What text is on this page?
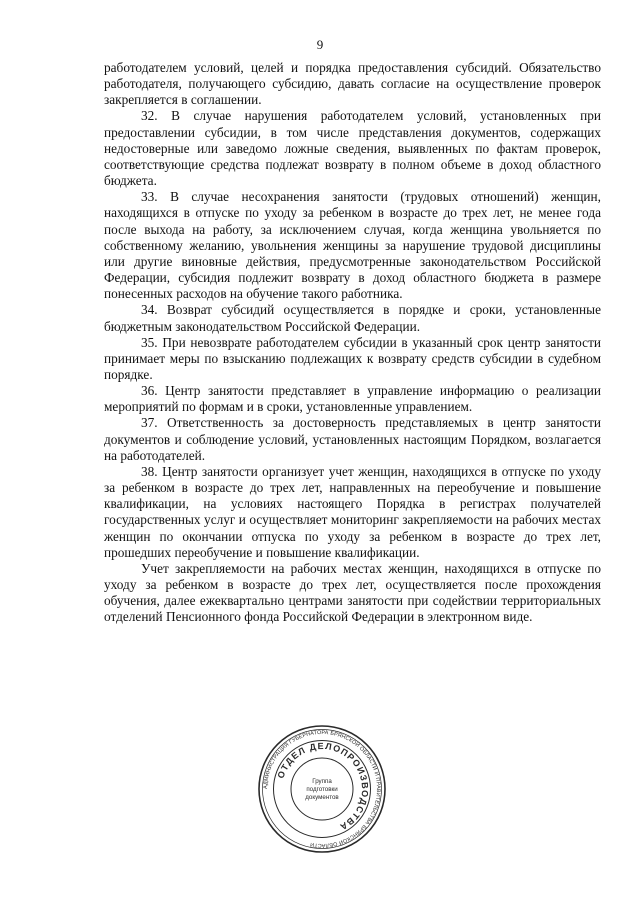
9

работодателем условий, целей и порядка предоставления субсидий. Обязательство работодателя, получающего субсидию, давать согласие на осуществление проверок закрепляется в соглашении.

32. В случае нарушения работодателем условий, установленных при предоставлении субсидии, в том числе представления документов, содержащих недостоверные или заведомо ложные сведения, выявленных по фактам проверок, соответствующие средства подлежат возврату в полном объеме в доход областного бюджета.

33. В случае несохранения занятости (трудовых отношений) женщин, находящихся в отпуске по уходу за ребенком в возрасте до трех лет, не менее года после выхода на работу, за исключением случая, когда женщина увольняется по собственному желанию, увольнения женщины за нарушение трудовой дисциплины или другие виновные действия, предусмотренные законодательством Российской Федерации, субсидия подлежит возврату в доход областного бюджета в размере понесенных расходов на обучение такого работника.

34. Возврат субсидий осуществляется в порядке и сроки, установленные бюджетным законодательством Российской Федерации.

35. При невозврате работодателем субсидии в указанный срок центр занятости принимает меры по взысканию подлежащих к возврату средств субсидии в судебном порядке.

36. Центр занятости представляет в управление информацию о реализации мероприятий по формам и в сроки, установленные управлением.

37. Ответственность за достоверность представляемых в центр занятости документов и соблюдение условий, установленных настоящим Порядком, возлагается на работодателей.

38. Центр занятости организует учет женщин, находящихся в отпуске по уходу за ребенком в возрасте до трех лет, направленных на переобучение и повышение квалификации, на условиях настоящего Порядка в регистрах получателей государственных услуг и осуществляет мониторинг закрепляемости на рабочих местах женщин по окончании отпуска по уходу за ребенком в возрасте до трех лет, прошедших переобучение и повышение квалификации.

Учет закрепляемости на рабочих местах женщин, находящихся в отпуске по уходу за ребенком в возрасте до трех лет, осуществляется после прохождения обучения, далее ежеквартально центрами занятости при содействии территориальных отделений Пенсионного фонда Российской Федерации в электронном виде.

АДМИНИСТРАЦИЯ ГУБЕРНАТОРА БРЯНСКОЙ ОБЛАСТИ И ПРАВИТЕЛЬСТВА БРЯНСКОЙ ОБЛАСТИ
ОТДЕЛ ДЕЛОПРОИЗВОДСТВА
Группа
подготовки
документов
